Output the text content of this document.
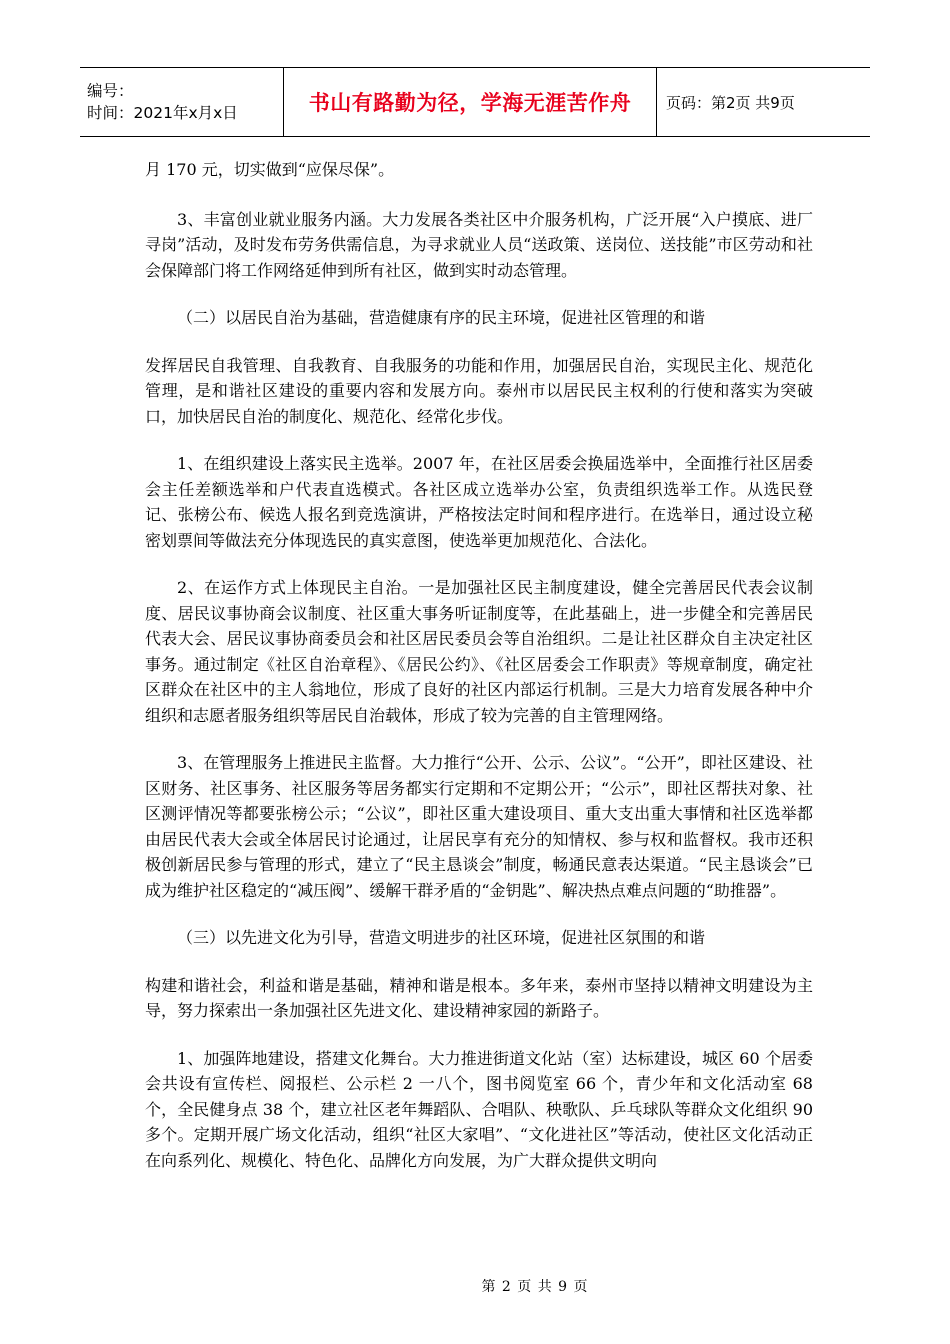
编号：
时间：2021年x月x日	书山有路勤为径，学海无涯苦作舟	页码：第2页 共9页

月 170 元，切实做到“应保尽保”。

3、丰富创业就业服务内涵。大力发展各类社区中介服务机构，广泛开展“入户摸底、进厂寻岗”活动，及时发布劳务供需信息，为寻求就业人员“送政策、送岗位、送技能”市区劳动和社会保障部门将工作网络延伸到所有社区，做到实时动态管理。

（二）以居民自治为基础，营造健康有序的民主环境，促进社区管理的和谐

发挥居民自我管理、自我教育、自我服务的功能和作用，加强居民自治，实现民主化、规范化管理，是和谐社区建设的重要内容和发展方向。泰州市以居民民主权利的行使和落实为突破口，加快居民自治的制度化、规范化、经常化步伐。

1、在组织建设上落实民主选举。2007 年，在社区居委会换届选举中，全面推行社区居委会主任差额选举和户代表直选模式。各社区成立选举办公室，负责组织选举工作。从选民登记、张榜公布、候选人报名到竞选演讲，严格按法定时间和程序进行。在选举日，通过设立秘密划票间等做法充分体现选民的真实意图，使选举更加规范化、合法化。

2、在运作方式上体现民主自治。一是加强社区民主制度建设，健全完善居民代表会议制度、居民议事协商会议制度、社区重大事务听证制度等，在此基础上，进一步健全和完善居民代表大会、居民议事协商委员会和社区居民委员会等自治组织。二是让社区群众自主决定社区事务。通过制定《社区自治章程》、《居民公约》、《社区居委会工作职责》等规章制度，确定社区群众在社区中的主人翁地位，形成了良好的社区内部运行机制。三是大力培育发展各种中介组织和志愿者服务组织等居民自治载体，形成了较为完善的自主管理网络。

3、在管理服务上推进民主监督。大力推行“公开、公示、公议”。“公开”，即社区建设、社区财务、社区事务、社区服务等居务都实行定期和不定期公开；“公示”，即社区帮扶对象、社区测评情况等都要张榜公示；“公议”，即社区重大建设项目、重大支出重大事情和社区选举都由居民代表大会或全体居民讨论通过，让居民享有充分的知情权、参与权和监督权。我市还积极创新居民参与管理的形式，建立了“民主恳谈会”制度，畅通民意表达渠道。“民主恳谈会”已成为维护社区稳定的“减压阀”、缓解干群矛盾的“金钥匙”、解决热点难点问题的“助推器”。

（三）以先进文化为引导，营造文明进步的社区环境，促进社区氛围的和谐

构建和谐社会，利益和谐是基础，精神和谐是根本。多年来，泰州市坚持以精神文明建设为主导，努力探索出一条加强社区先进文化、建设精神家园的新路子。

1、加强阵地建设，搭建文化舞台。大力推进街道文化站（室）达标建设，城区 60 个居委会共设有宣传栏、阅报栏、公示栏 2 一八个，图书阅览室 66 个，青少年和文化活动室 68 个，全民健身点 38 个，建立社区老年舞蹈队、合唱队、秧歌队、乒乓球队等群众文化组织 90 多个。定期开展广场文化活动，组织“社区大家唱”、“文化进社区”等活动，使社区文化活动正在向系列化、规模化、特色化、品牌化方向发展，为广大群众提供文明向

第 2 页 共 9 页
